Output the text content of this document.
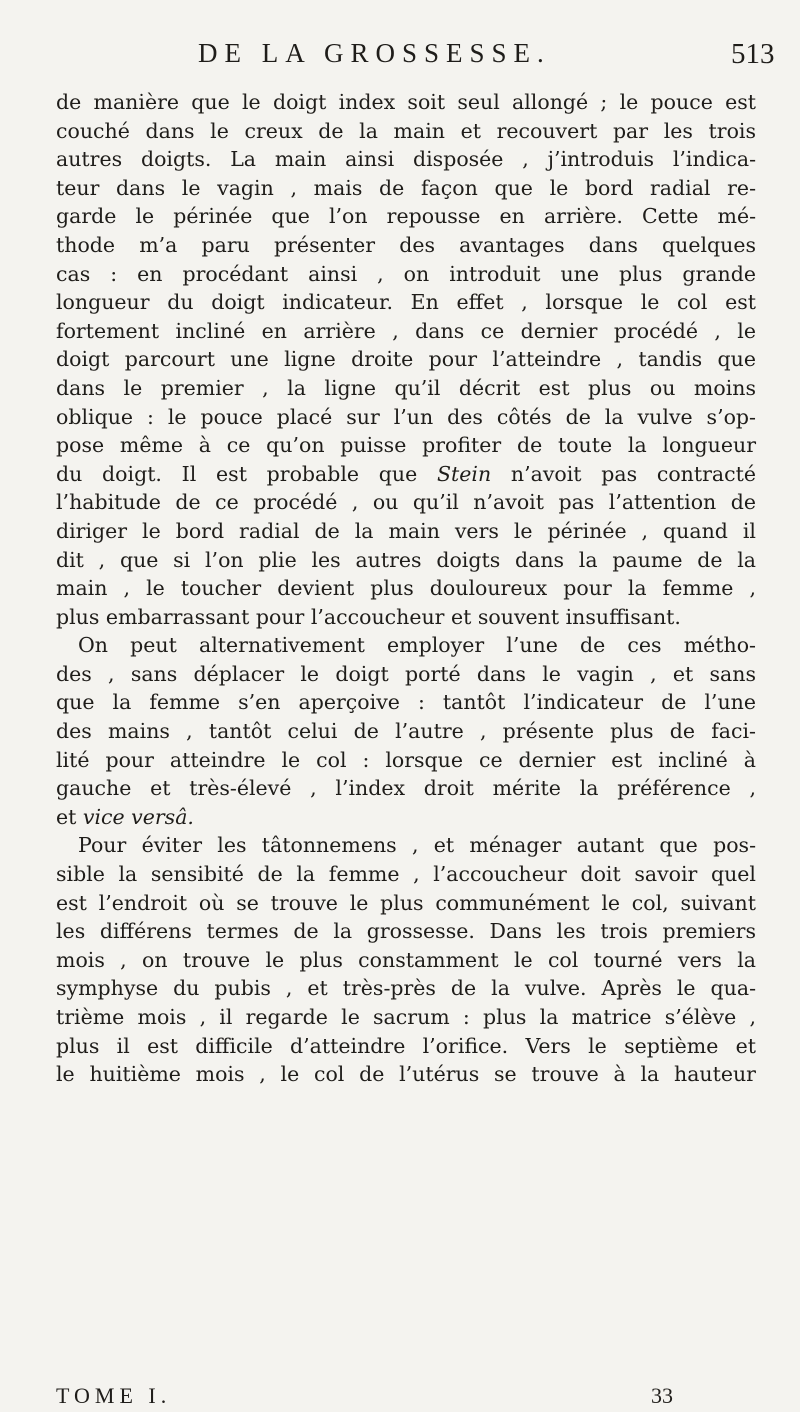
DE LA GROSSESSE.	513
de manière que le doigt index soit seul allongé ; le pouce est
couché dans le creux de la main et recouvert par les trois
autres doigts. La main ainsi disposée , j’introduis l’indica-
teur dans le vagin , mais de façon que le bord radial re-
garde le périnée que l’on repousse en arrière. Cette mé-
thode m’a paru présenter des avantages dans quelques
cas : en procédant ainsi , on introduit une plus grande
longueur du doigt indicateur. En effet , lorsque le col est
fortement incliné en arrière , dans ce dernier procédé , le
doigt parcourt une ligne droite pour l’atteindre , tandis que
dans le premier , la ligne qu’il décrit est plus ou moins
oblique : le pouce placé sur l’un des côtés de la vulve s’op-
pose même à ce qu’on puisse profiter de toute la longueur
du doigt. Il est probable que Stein n’avoit pas contracté
l’habitude de ce procédé , ou qu’il n’avoit pas l’attention de
diriger le bord radial de la main vers le périnée , quand il
dit , que si l’on plie les autres doigts dans la paume de la
main , le toucher devient plus douloureux pour la femme ,
plus embarrassant pour l’accoucheur et souvent insuffisant.
On peut alternativement employer l’une de ces métho-
des , sans déplacer le doigt porté dans le vagin , et sans
que la femme s’en aperçoive : tantôt l’indicateur de l’une
des mains , tantôt celui de l’autre , présente plus de faci-
lité pour atteindre le col : lorsque ce dernier est incliné à
gauche et très-élevé , l’index droit mérite la préférence ,
et vice versâ.
Pour éviter les tâtonnemens , et ménager autant que pos-
sible la sensibité de la femme , l’accoucheur doit savoir quel
est l’endroit où se trouve le plus communément le col, suivant
les différens termes de la grossesse. Dans les trois premiers
mois , on trouve le plus constamment le col tourné vers la
symphyse du pubis , et très-près de la vulve. Après le qua-
trième mois , il regarde le sacrum : plus la matrice s’élève ,
plus il est difficile d’atteindre l’orifice. Vers le septième et
le huitième mois , le col de l’utérus se trouve à la hauteur
TOME I.	33
